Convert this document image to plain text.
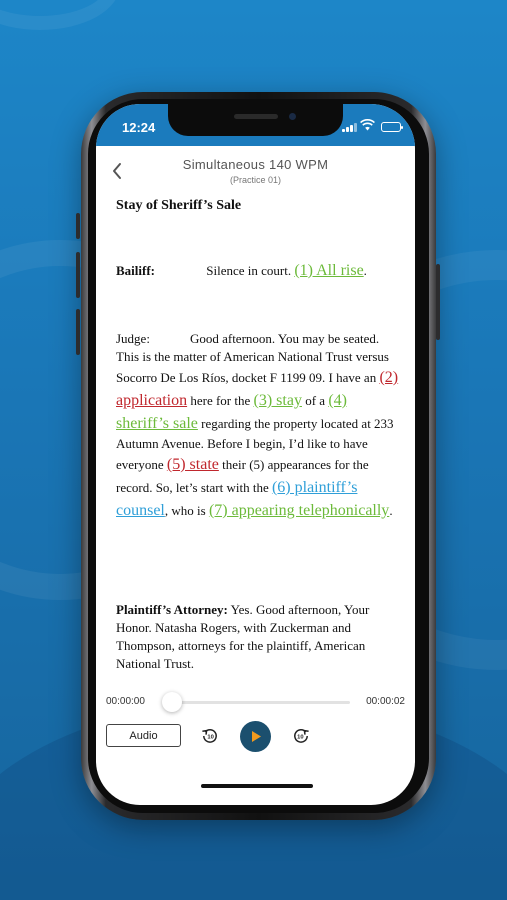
12:24
Simultaneous 140 WPM
(Practice 01)
Stay of Sheriff’s Sale
Bailiff:	Silence in court. (1) All rise.

Judge:	Good afternoon. You may be seated. This is the matter of American National Trust versus Socorro De Los Ríos, docket F 1199 09. I have an (2) application here for the (3) stay of a (4) sheriff’s sale regarding the property located at 233 Autumn Avenue. Before I begin, I’d like to have everyone (5) state their (5) appearances for the record. So, let’s start with the (6) plaintiff’s counsel, who is (7) appearing telephonically.

Plaintiff’s Attorney: Yes. Good afternoon, Your Honor. Natasha Rogers, with Zuckerman and Thompson, attorneys for the plaintiff, American National Trust.
00:00:00	00:00:02
Audio	10	10
